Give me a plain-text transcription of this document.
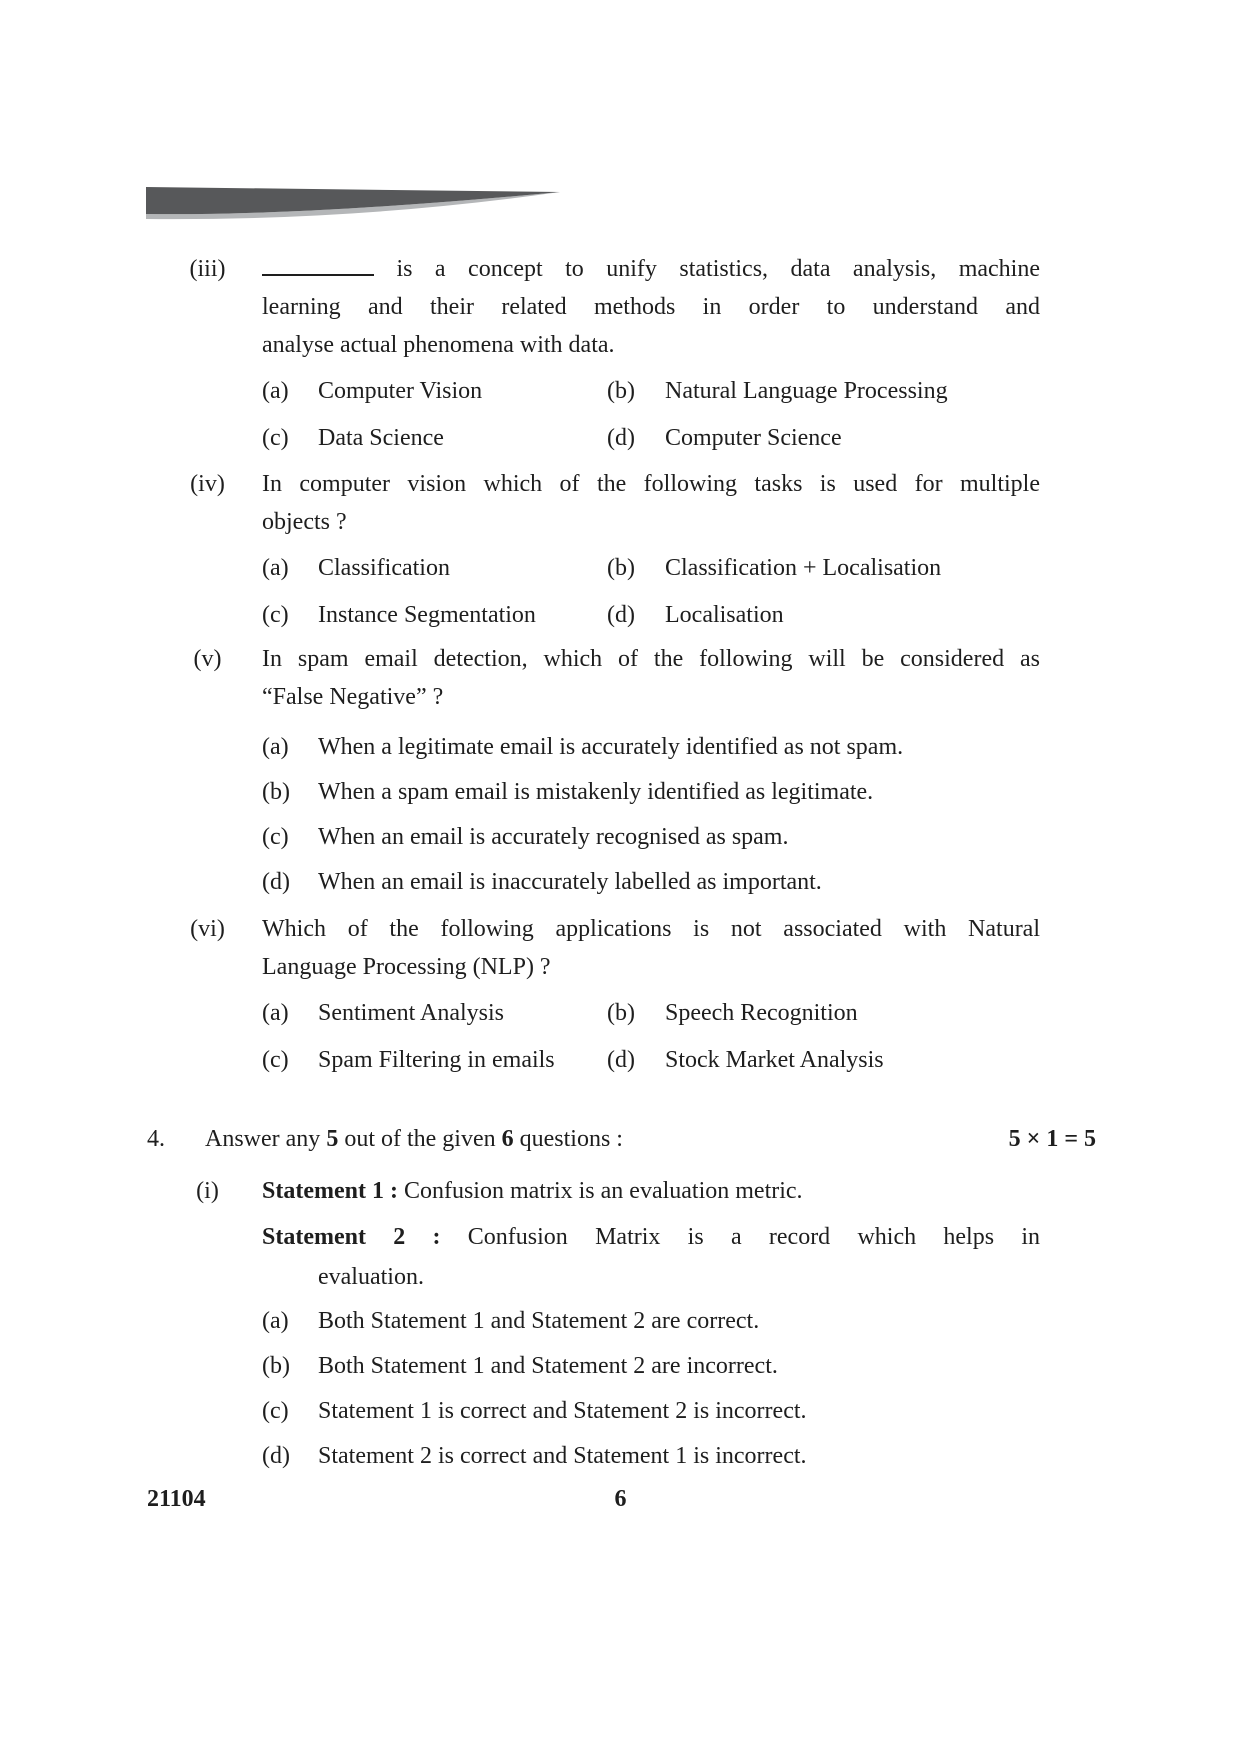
(iii)	is a concept to unify statistics, data analysis, machine
learning and their related methods in order to understand and
analyse actual phenomena with data.
(a)	Computer Vision	(b)	Natural Language Processing
(c)	Data Science	(d)	Computer Science
(iv) In computer vision which of the following tasks is used for multiple
objects ?
(a)	Classification	(b)	Classification + Localisation
(c)	Instance Segmentation	(d)	Localisation
(v)	In spam email detection, which of the following will be considered as
“False Negative” ?
(a)	When a legitimate email is accurately identified as not spam.
(b)	When a spam email is mistakenly identified as legitimate.
(c)	When an email is accurately recognised as spam.
(d)	When an email is inaccurately labelled as important.
(vi) Which of the following applications is not associated with Natural
Language Processing (NLP) ?
(a)	Sentiment Analysis	(b)	Speech Recognition
(c)	Spam Filtering in emails	(d)	Stock Market Analysis
4.	Answer any 5 out of the given 6 questions :	5 × 1 = 5
(i)	Statement 1 : Confusion matrix is an evaluation metric.
Statement 2 : Confusion Matrix is a record which helps in
evaluation.
(a)	Both Statement 1 and Statement 2 are correct.
(b)	Both Statement 1 and Statement 2 are incorrect.
(c)	Statement 1 is correct and Statement 2 is incorrect.
(d)	Statement 2 is correct and Statement 1 is incorrect.
21104	6
